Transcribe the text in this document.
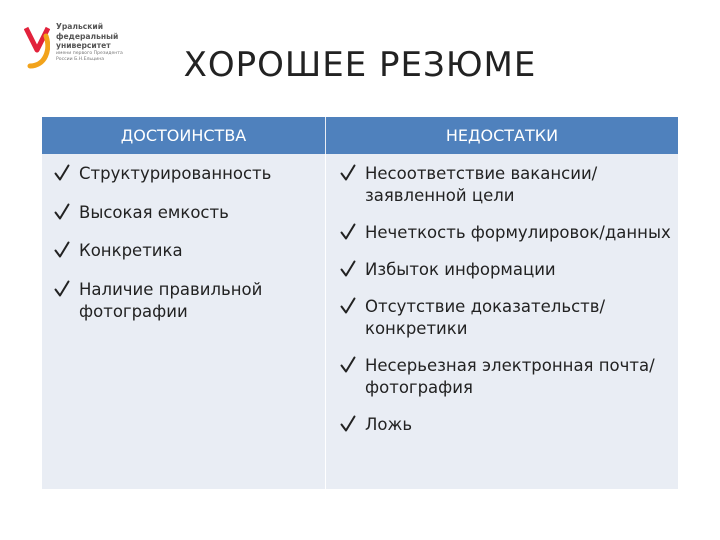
Уральский
федеральный
университет
имени первого Президента
России Б.Н.Ельцина	ХОРОШЕЕ РЕЗЮМЕ
ДОСТОИНСТВА	НЕДОСТАТКИ
Структурированность
Высокая емкость
Конкретика
Наличие правильной фотографии
Несоответствие вакансии/заявленной цели
Нечеткость формулировок/данных
Избыток информации
Отсутствие доказательств/конкретики
Несерьезная электронная почта/фотография
Ложь
